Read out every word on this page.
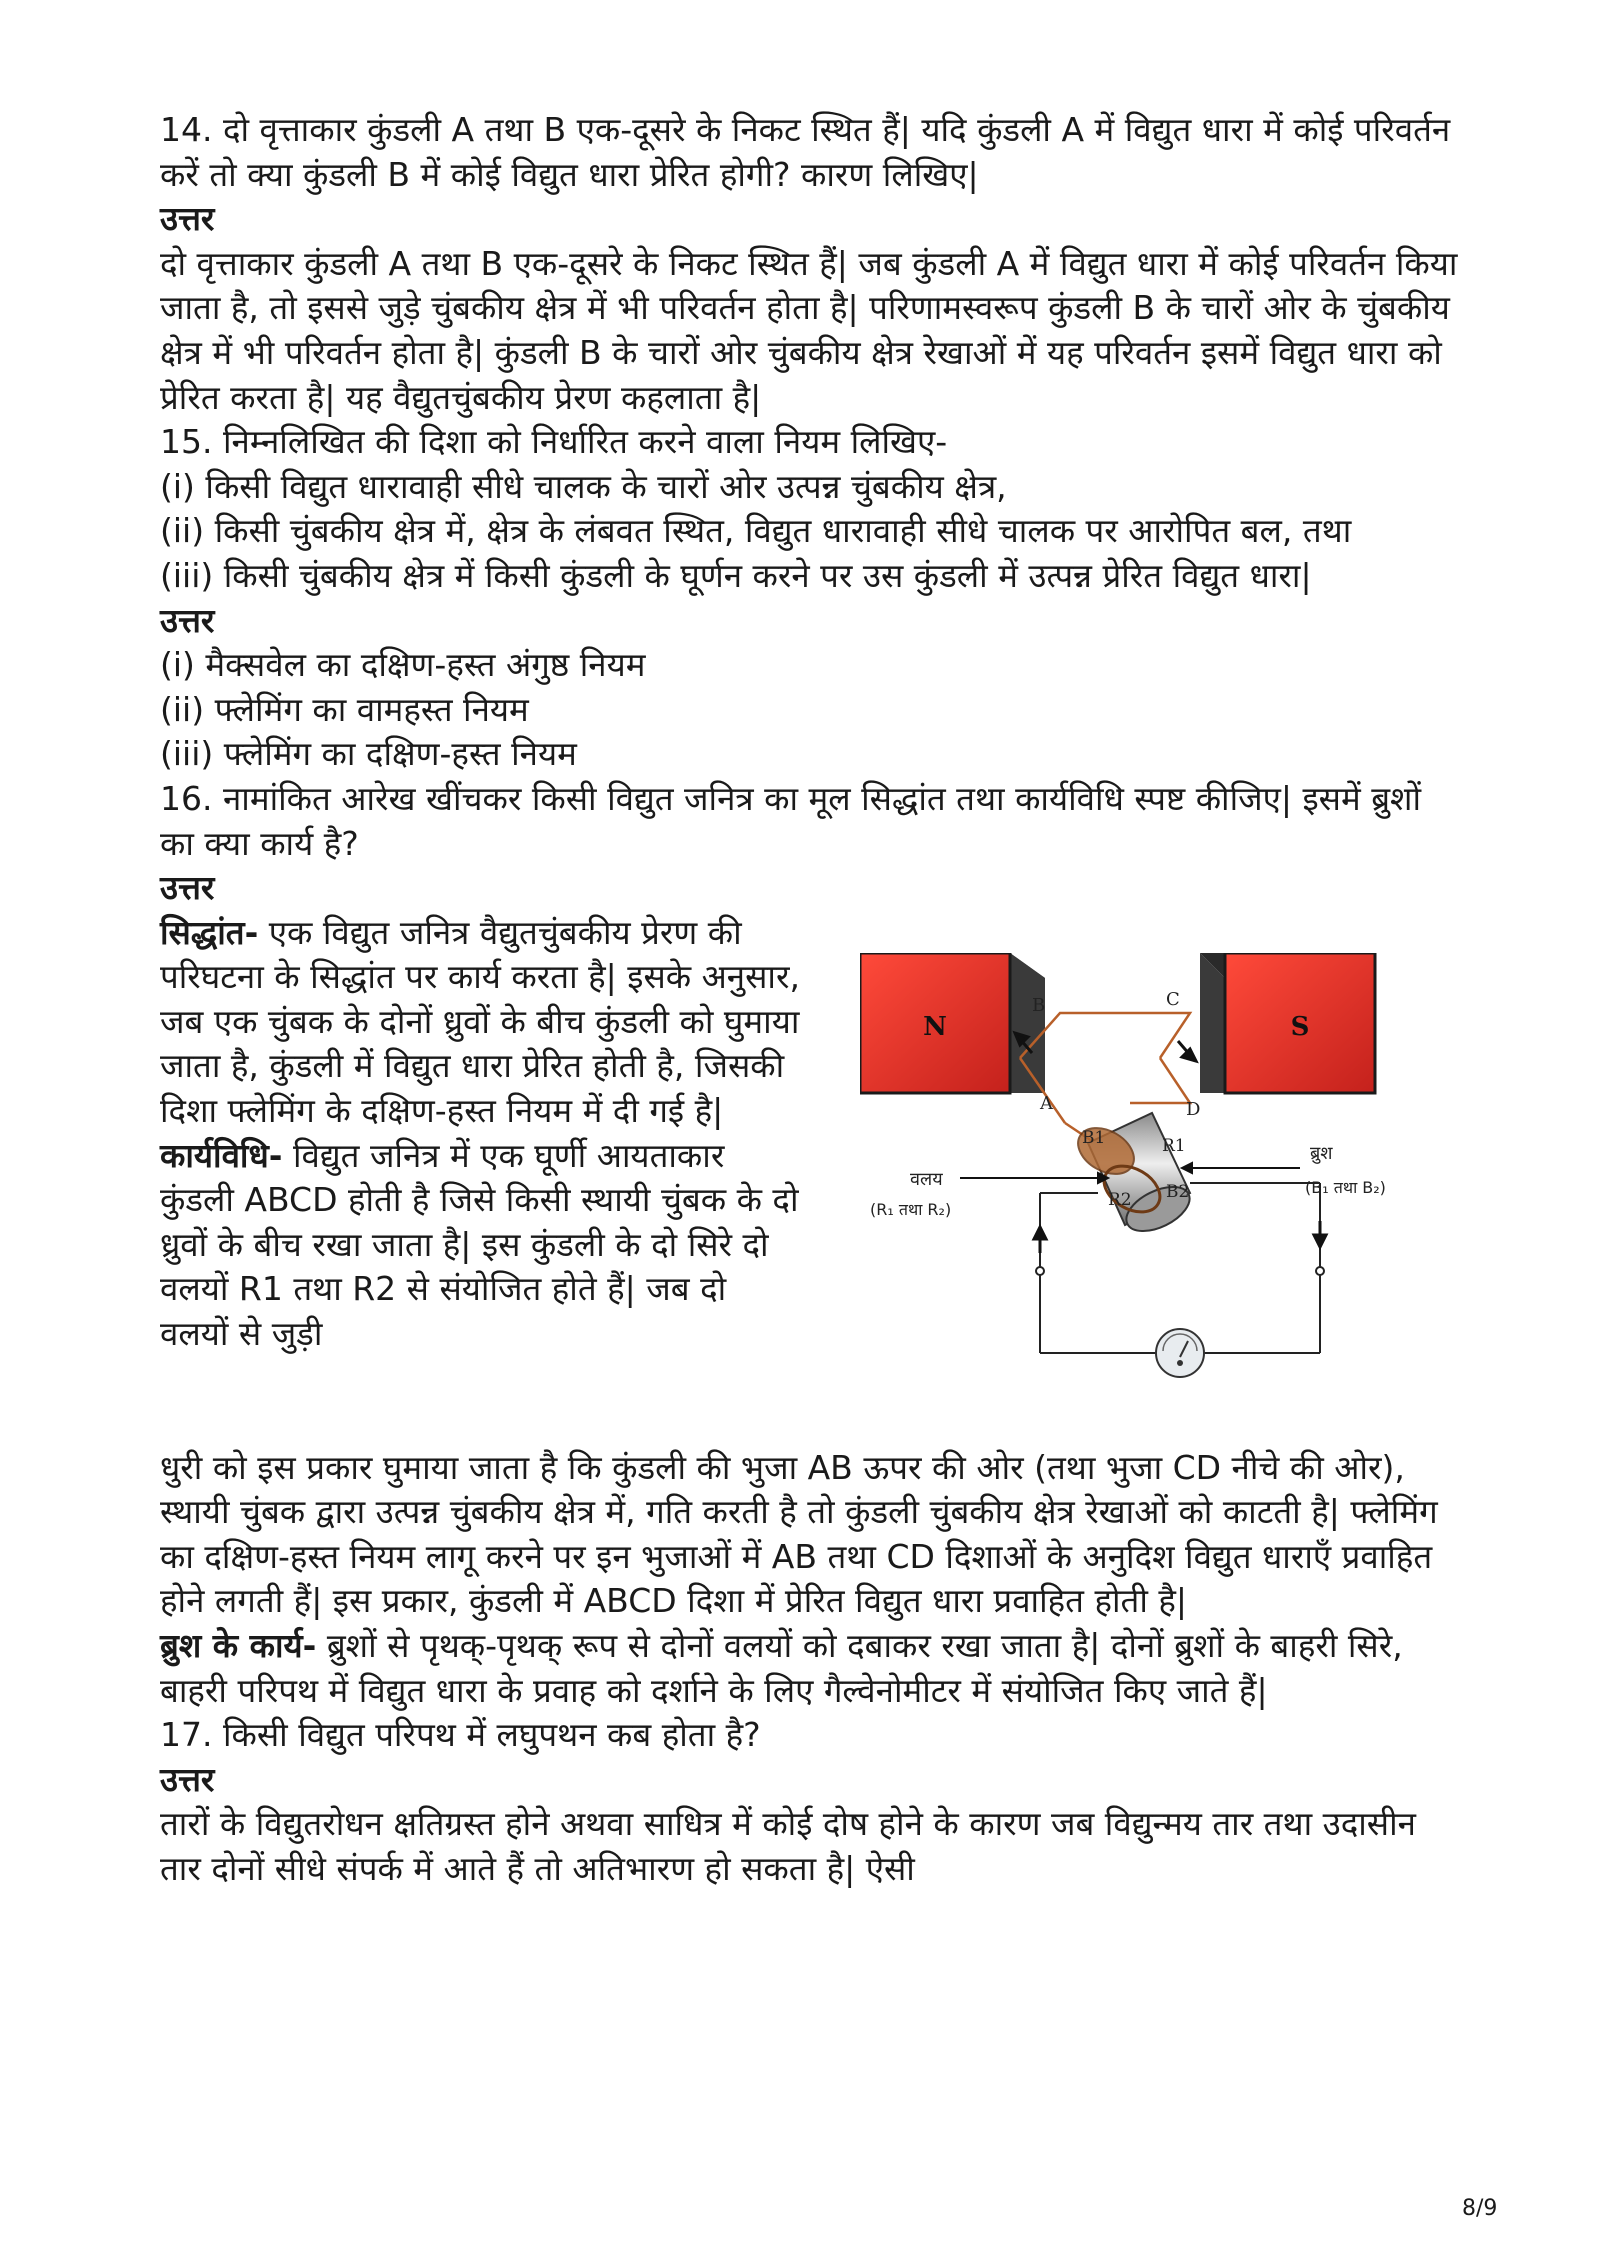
14. दो वृत्ताकार कुंडली A तथा B एक-दूसरे के निकट स्थित हैं| यदि कुंडली A में विद्युत धारा में कोई परिवर्तन करें तो क्या कुंडली B में कोई विद्युत धारा प्रेरित होगी? कारण लिखिए|

उत्तर

दो वृत्ताकार कुंडली A तथा B एक-दूसरे के निकट स्थित हैं| जब कुंडली A में विद्युत धारा में कोई परिवर्तन किया जाता है, तो इससे जुड़े चुंबकीय क्षेत्र में भी परिवर्तन होता है| परिणामस्वरूप कुंडली B के चारों ओर के चुंबकीय क्षेत्र में भी परिवर्तन होता है| कुंडली B के चारों ओर चुंबकीय क्षेत्र रेखाओं में यह परिवर्तन इसमें विद्युत धारा को प्रेरित करता है| यह वैद्युतचुंबकीय प्रेरण कहलाता है|

15. निम्नलिखित की दिशा को निर्धारित करने वाला नियम लिखिए-

(i) किसी विद्युत धारावाही सीधे चालक के चारों ओर उत्पन्न चुंबकीय क्षेत्र,

(ii) किसी चुंबकीय क्षेत्र में, क्षेत्र के लंबवत स्थित, विद्युत धारावाही सीधे चालक पर आरोपित बल, तथा

(iii) किसी चुंबकीय क्षेत्र में किसी कुंडली के घूर्णन करने पर उस कुंडली में उत्पन्न प्रेरित विद्युत धारा|

उत्तर

(i) मैक्सवेल का दक्षिण-हस्त अंगुष्ठ नियम

(ii) फ्लेमिंग का वामहस्त नियम

(iii) फ्लेमिंग का दक्षिण-हस्त नियम

16. नामांकित आरेख खींचकर किसी विद्युत जनित्र का मूल सिद्धांत तथा कार्यविधि स्पष्ट कीजिए| इसमें ब्रुशों का क्या कार्य है?

उत्तर

सिद्धांत- एक विद्युत जनित्र वैद्युतचुंबकीय प्रेरण की परिघटना के सिद्धांत पर कार्य करता है| इसके अनुसार, जब एक चुंबक के दोनों ध्रुवों के बीच कुंडली को घुमाया जाता है, कुंडली में विद्युत धारा प्रेरित होती है, जिसकी दिशा फ्लेमिंग के दक्षिण-हस्त नियम में दी गई है|

कार्यविधि- विद्युत जनित्र में एक घूर्णी आयताकार कुंडली ABCD होती है जिसे किसी स्थायी चुंबक के दो ध्रुवों के बीच रखा जाता है| इस कुंडली के दो सिरे दो वलयों R1 तथा R2 से संयोजित होते हैं| जब दो वलयों से जुड़ी

N	S
B	C
A	D
B1	R1
R2 B2
वलय
(R₁ तथा R₂)
ब्रुश
(B₁ तथा B₂)

धुरी को इस प्रकार घुमाया जाता है कि कुंडली की भुजा AB ऊपर की ओर (तथा भुजा CD नीचे की ओर), स्थायी चुंबक द्वारा उत्पन्न चुंबकीय क्षेत्र में, गति करती है तो कुंडली चुंबकीय क्षेत्र रेखाओं को काटती है| फ्लेमिंग का दक्षिण-हस्त नियम लागू करने पर इन भुजाओं में AB तथा CD दिशाओं के अनुदिश विद्युत धाराएँ प्रवाहित होने लगती हैं| इस प्रकार, कुंडली में ABCD दिशा में प्रेरित विद्युत धारा प्रवाहित होती है|

ब्रुश के कार्य- ब्रुशों से पृथक्-पृथक् रूप से दोनों वलयों को दबाकर रखा जाता है| दोनों ब्रुशों के बाहरी सिरे, बाहरी परिपथ में विद्युत धारा के प्रवाह को दर्शाने के लिए गैल्वेनोमीटर में संयोजित किए जाते हैं|

17. किसी विद्युत परिपथ में लघुपथन कब होता है?

उत्तर

तारों के विद्युतरोधन क्षतिग्रस्त होने अथवा साधित्र में कोई दोष होने के कारण जब विद्युन्मय तार तथा उदासीन तार दोनों सीधे संपर्क में आते हैं तो अतिभारण हो सकता है| ऐसी

8/9
